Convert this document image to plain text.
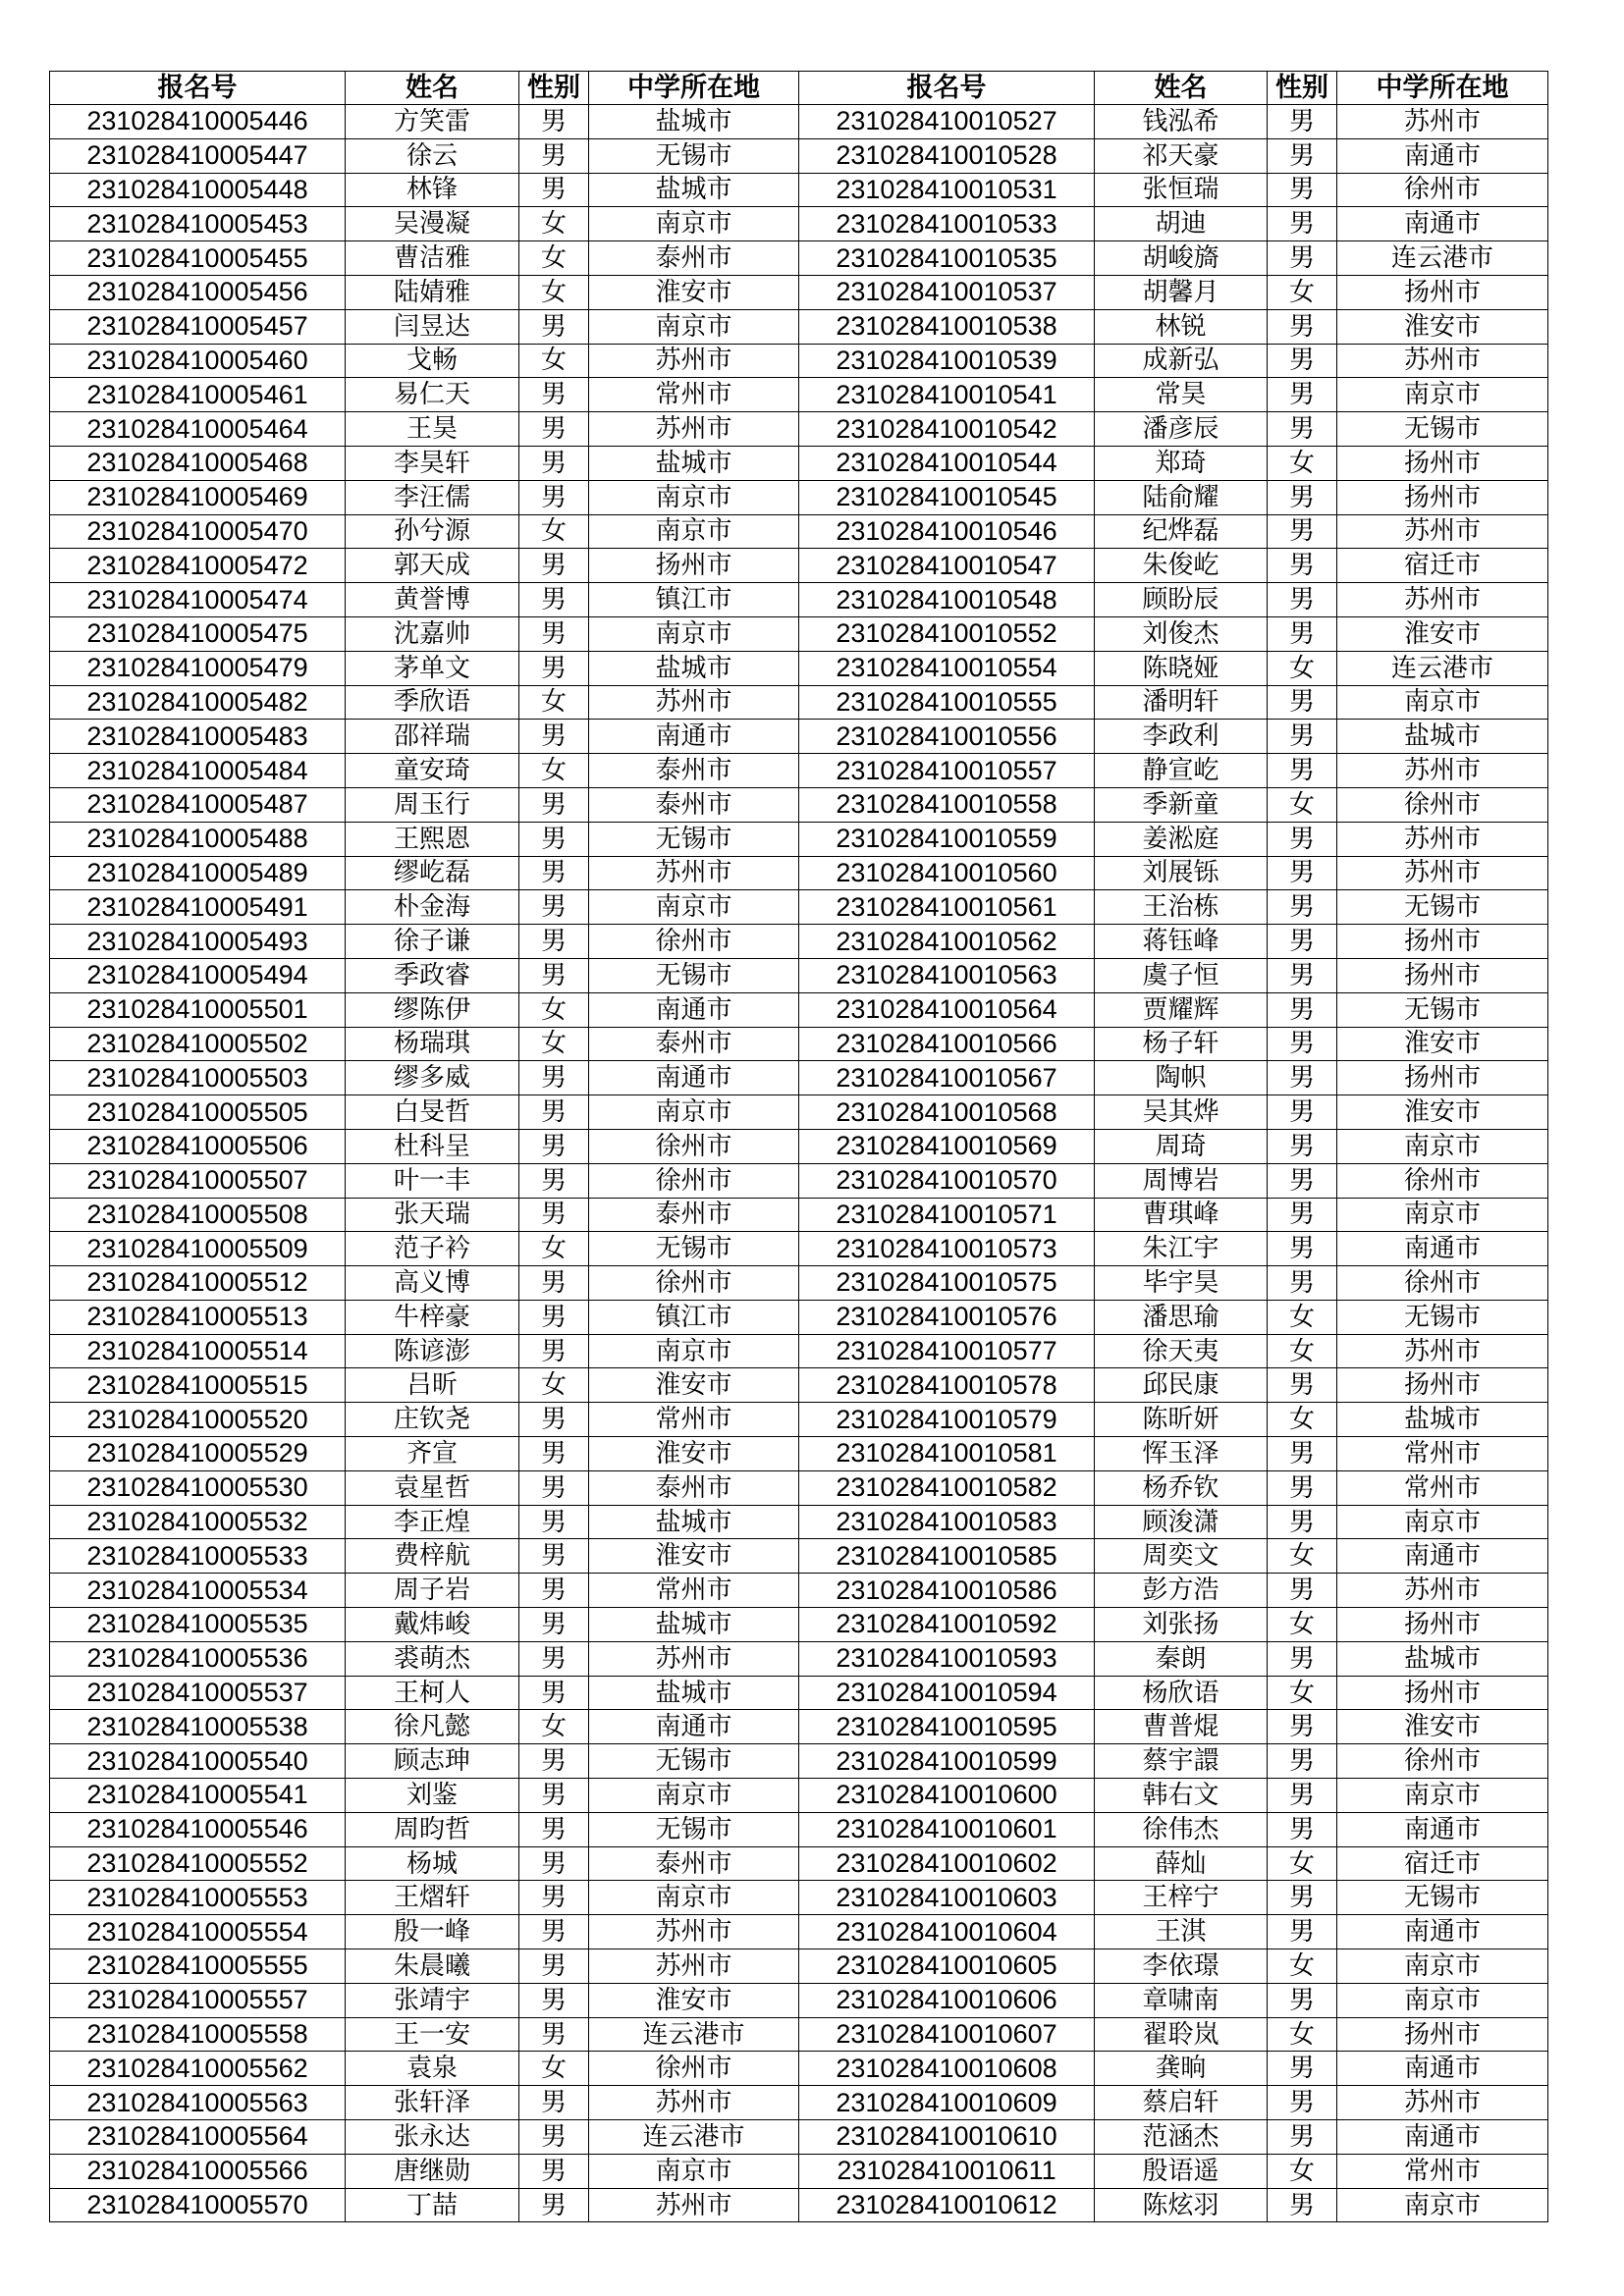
报名号	姓名	性别	中学所在地	报名号	姓名	性别	中学所在地
231028410005446	方笑雷	男	盐城市	231028410010527	钱泓希	男	苏州市
231028410005447	徐云	男	无锡市	231028410010528	祁天豪	男	南通市
231028410005448	林锋	男	盐城市	231028410010531	张恒瑞	男	徐州市
231028410005453	吴漫凝	女	南京市	231028410010533	胡迪	男	南通市
231028410005455	曹洁雅	女	泰州市	231028410010535	胡峻旖	男	连云港市
231028410005456	陆婧雅	女	淮安市	231028410010537	胡馨月	女	扬州市
231028410005457	闫昱达	男	南京市	231028410010538	林锐	男	淮安市
231028410005460	戈畅	女	苏州市	231028410010539	成新弘	男	苏州市
231028410005461	易仁天	男	常州市	231028410010541	常昊	男	南京市
231028410005464	王昊	男	苏州市	231028410010542	潘彦辰	男	无锡市
231028410005468	李昊轩	男	盐城市	231028410010544	郑琦	女	扬州市
231028410005469	李汪儒	男	南京市	231028410010545	陆俞耀	男	扬州市
231028410005470	孙兮源	女	南京市	231028410010546	纪烨磊	男	苏州市
231028410005472	郭天成	男	扬州市	231028410010547	朱俊屹	男	宿迁市
231028410005474	黄誉博	男	镇江市	231028410010548	顾盼辰	男	苏州市
231028410005475	沈嘉帅	男	南京市	231028410010552	刘俊杰	男	淮安市
231028410005479	茅单文	男	盐城市	231028410010554	陈晓娅	女	连云港市
231028410005482	季欣语	女	苏州市	231028410010555	潘明轩	男	南京市
231028410005483	邵祥瑞	男	南通市	231028410010556	李政利	男	盐城市
231028410005484	童安琦	女	泰州市	231028410010557	静宣屹	男	苏州市
231028410005487	周玉行	男	泰州市	231028410010558	季新童	女	徐州市
231028410005488	王熙恩	男	无锡市	231028410010559	姜淞庭	男	苏州市
231028410005489	缪屹磊	男	苏州市	231028410010560	刘展铄	男	苏州市
231028410005491	朴金海	男	南京市	231028410010561	王治栋	男	无锡市
231028410005493	徐子谦	男	徐州市	231028410010562	蒋钰峰	男	扬州市
231028410005494	季政睿	男	无锡市	231028410010563	虞子恒	男	扬州市
231028410005501	缪陈伊	女	南通市	231028410010564	贾耀辉	男	无锡市
231028410005502	杨瑞琪	女	泰州市	231028410010566	杨子轩	男	淮安市
231028410005503	缪多威	男	南通市	231028410010567	陶帜	男	扬州市
231028410005505	白旻哲	男	南京市	231028410010568	吴其烨	男	淮安市
231028410005506	杜科呈	男	徐州市	231028410010569	周琦	男	南京市
231028410005507	叶一丰	男	徐州市	231028410010570	周博岩	男	徐州市
231028410005508	张天瑞	男	泰州市	231028410010571	曹琪峰	男	南京市
231028410005509	范子衿	女	无锡市	231028410010573	朱江宇	男	南通市
231028410005512	高义博	男	徐州市	231028410010575	毕宇昊	男	徐州市
231028410005513	牛梓豪	男	镇江市	231028410010576	潘思瑜	女	无锡市
231028410005514	陈谚澎	男	南京市	231028410010577	徐天夷	女	苏州市
231028410005515	吕昕	女	淮安市	231028410010578	邱民康	男	扬州市
231028410005520	庄钦尧	男	常州市	231028410010579	陈昕妍	女	盐城市
231028410005529	齐宣	男	淮安市	231028410010581	恽玉泽	男	常州市
231028410005530	袁星哲	男	泰州市	231028410010582	杨乔钦	男	常州市
231028410005532	李正煌	男	盐城市	231028410010583	顾浚潇	男	南京市
231028410005533	费梓航	男	淮安市	231028410010585	周奕文	女	南通市
231028410005534	周子岩	男	常州市	231028410010586	彭方浩	男	苏州市
231028410005535	戴炜峻	男	盐城市	231028410010592	刘张扬	女	扬州市
231028410005536	裘萌杰	男	苏州市	231028410010593	秦朗	男	盐城市
231028410005537	王柯人	男	盐城市	231028410010594	杨欣语	女	扬州市
231028410005538	徐凡懿	女	南通市	231028410010595	曹普焜	男	淮安市
231028410005540	顾志珅	男	无锡市	231028410010599	蔡宇譞	男	徐州市
231028410005541	刘鉴	男	南京市	231028410010600	韩右文	男	南京市
231028410005546	周昀哲	男	无锡市	231028410010601	徐伟杰	男	南通市
231028410005552	杨城	男	泰州市	231028410010602	薛灿	女	宿迁市
231028410005553	王熠轩	男	南京市	231028410010603	王梓宁	男	无锡市
231028410005554	殷一峰	男	苏州市	231028410010604	王淇	男	南通市
231028410005555	朱晨曦	男	苏州市	231028410010605	李依璟	女	南京市
231028410005557	张靖宇	男	淮安市	231028410010606	章啸南	男	南京市
231028410005558	王一安	男	连云港市	231028410010607	翟聆岚	女	扬州市
231028410005562	袁泉	女	徐州市	231028410010608	龚晌	男	南通市
231028410005563	张轩泽	男	苏州市	231028410010609	蔡启轩	男	苏州市
231028410005564	张永达	男	连云港市	231028410010610	范涵杰	男	南通市
231028410005566	唐继勋	男	南京市	231028410010611	殷语遥	女	常州市
231028410005570	丁喆	男	苏州市	231028410010612	陈炫羽	男	南京市
